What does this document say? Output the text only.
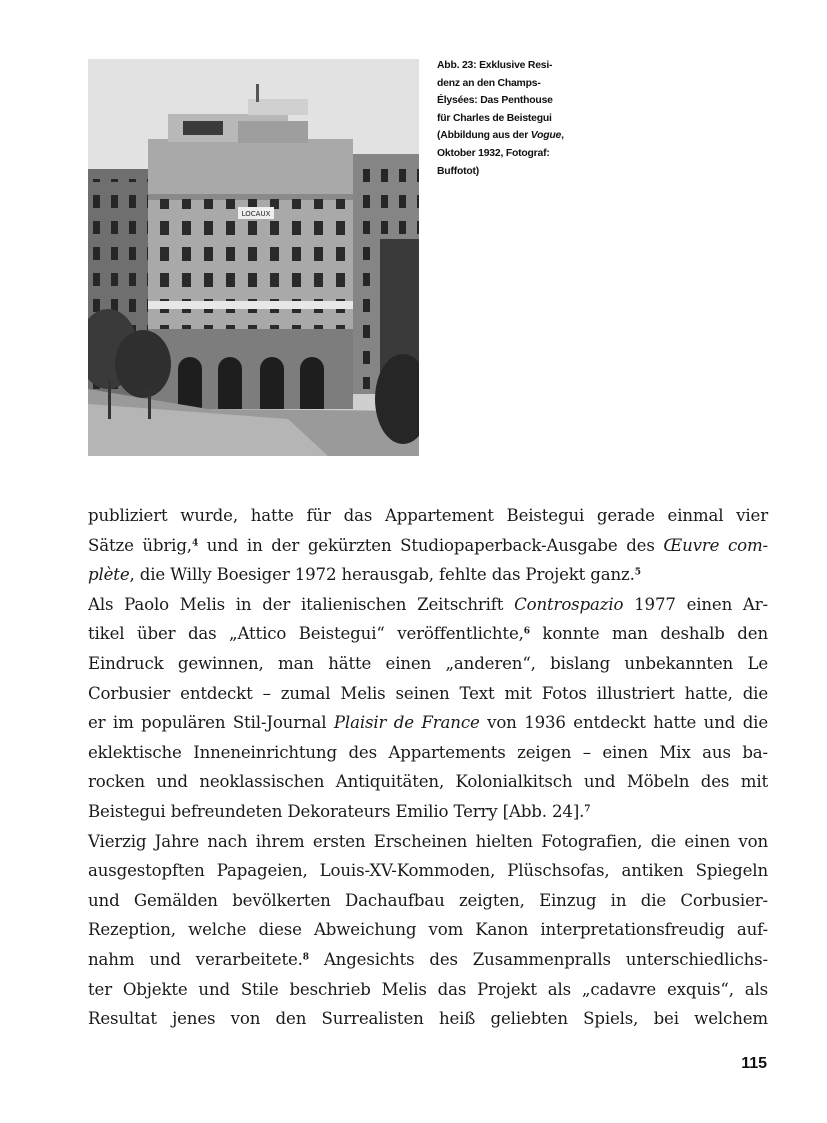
LOCAUX
Abb. 23: Exklusive Resi-
denz an den Champs-
Élysées: Das Penthouse
für Charles de Beistegui
(Abbildung aus der Vogue,
Oktober 1932, Fotograf:
Buffotot)
publiziert wurde, hatte für das Appartement Beistegui gerade einmal vier
Sätze übrig,$^4$ und in der gekürzten Studiopaperback-Ausgabe des Œuvre com-
plète, die Willy Boesiger 1972 herausgab, fehlte das Projekt ganz.$^5$
Als Paolo Melis in der italienischen Zeitschrift Controspazio 1977 einen Ar-
tikel über das „Attico Beistegui“ veröffentlichte,$^6$ konnte man deshalb den
Eindruck gewinnen, man hätte einen „anderen“, bislang unbekannten Le
Corbusier entdeckt – zumal Melis seinen Text mit Fotos illustriert hatte, die
er im populären Stil-Journal Plaisir de France von 1936 entdeckt hatte und die
eklektische Inneneinrichtung des Appartements zeigen – einen Mix aus ba-
rocken und neoklassischen Antiquitäten, Kolonialkitsch und Möbeln des mit
Beistegui befreundeten Dekorateurs Emilio Terry [Abb. 24].$^7$
Vierzig Jahre nach ihrem ersten Erscheinen hielten Fotografien, die einen von
ausgestopften Papageien, Louis-XV-Kommoden, Plüschsofas, antiken Spiegeln
und Gemälden bevölkerten Dachaufbau zeigten, Einzug in die Corbusier-
Rezeption, welche diese Abweichung vom Kanon interpretationsfreudig auf-
nahm und verarbeitete.$^8$ Angesichts des Zusammenpralls unterschiedlichs-
ter Objekte und Stile beschrieb Melis das Projekt als „cadavre exquis“, als
Resultat jenes von den Surrealisten heiß geliebten Spiels, bei welchem
115
